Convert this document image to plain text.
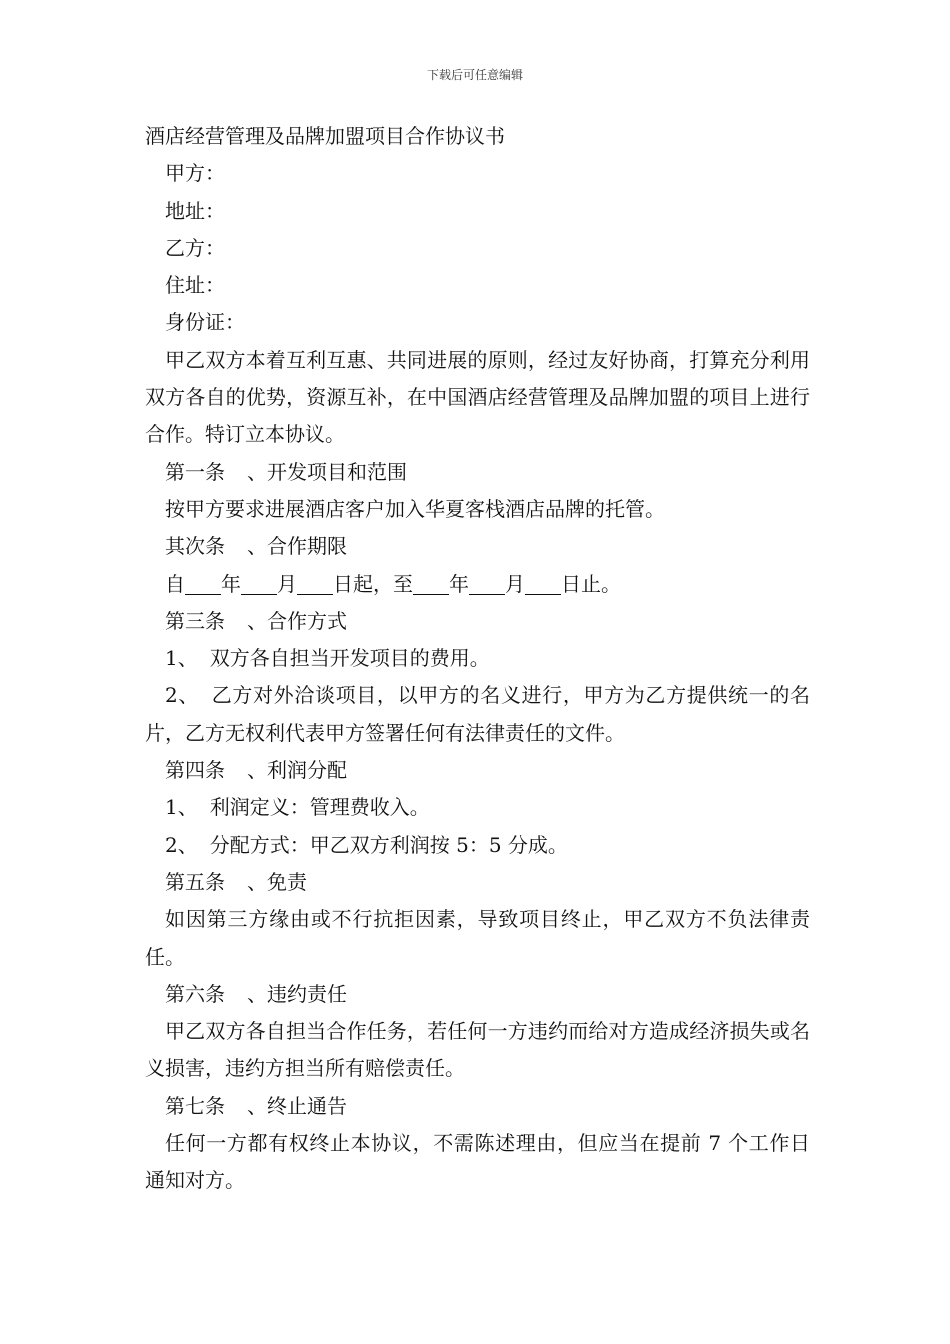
下载后可任意编辑

酒店经营管理及品牌加盟项目合作协议书

甲方：

地址：

乙方：

住址：

身份证：

甲乙双方本着互利互惠、共同进展的原则，经过友好协商，打算充分利用双方各自的优势，资源互补，在中国酒店经营管理及品牌加盟的项目上进行合作。特订立本协议。

第一条 、开发项目和范围

按甲方要求进展酒店客户加入华夏客栈酒店品牌的托管。

其次条 、合作期限

自 年 月 日起，至 年 月 日止。

第三条 、合作方式

1、 双方各自担当开发项目的费用。

2、 乙方对外洽谈项目，以甲方的名义进行，甲方为乙方提供统一的名片，乙方无权利代表甲方签署任何有法律责任的文件。

第四条 、利润分配

1、 利润定义：管理费收入。

2、 分配方式：甲乙双方利润按 5：5 分成。

第五条 、免责

如因第三方缘由或不行抗拒因素，导致项目终止，甲乙双方不负法律责任。

第六条 、违约责任

甲乙双方各自担当合作任务，若任何一方违约而给对方造成经济损失或名义损害，违约方担当所有赔偿责任。

第七条 、终止通告

任何一方都有权终止本协议，不需陈述理由，但应当在提前 7 个工作日通知对方。
